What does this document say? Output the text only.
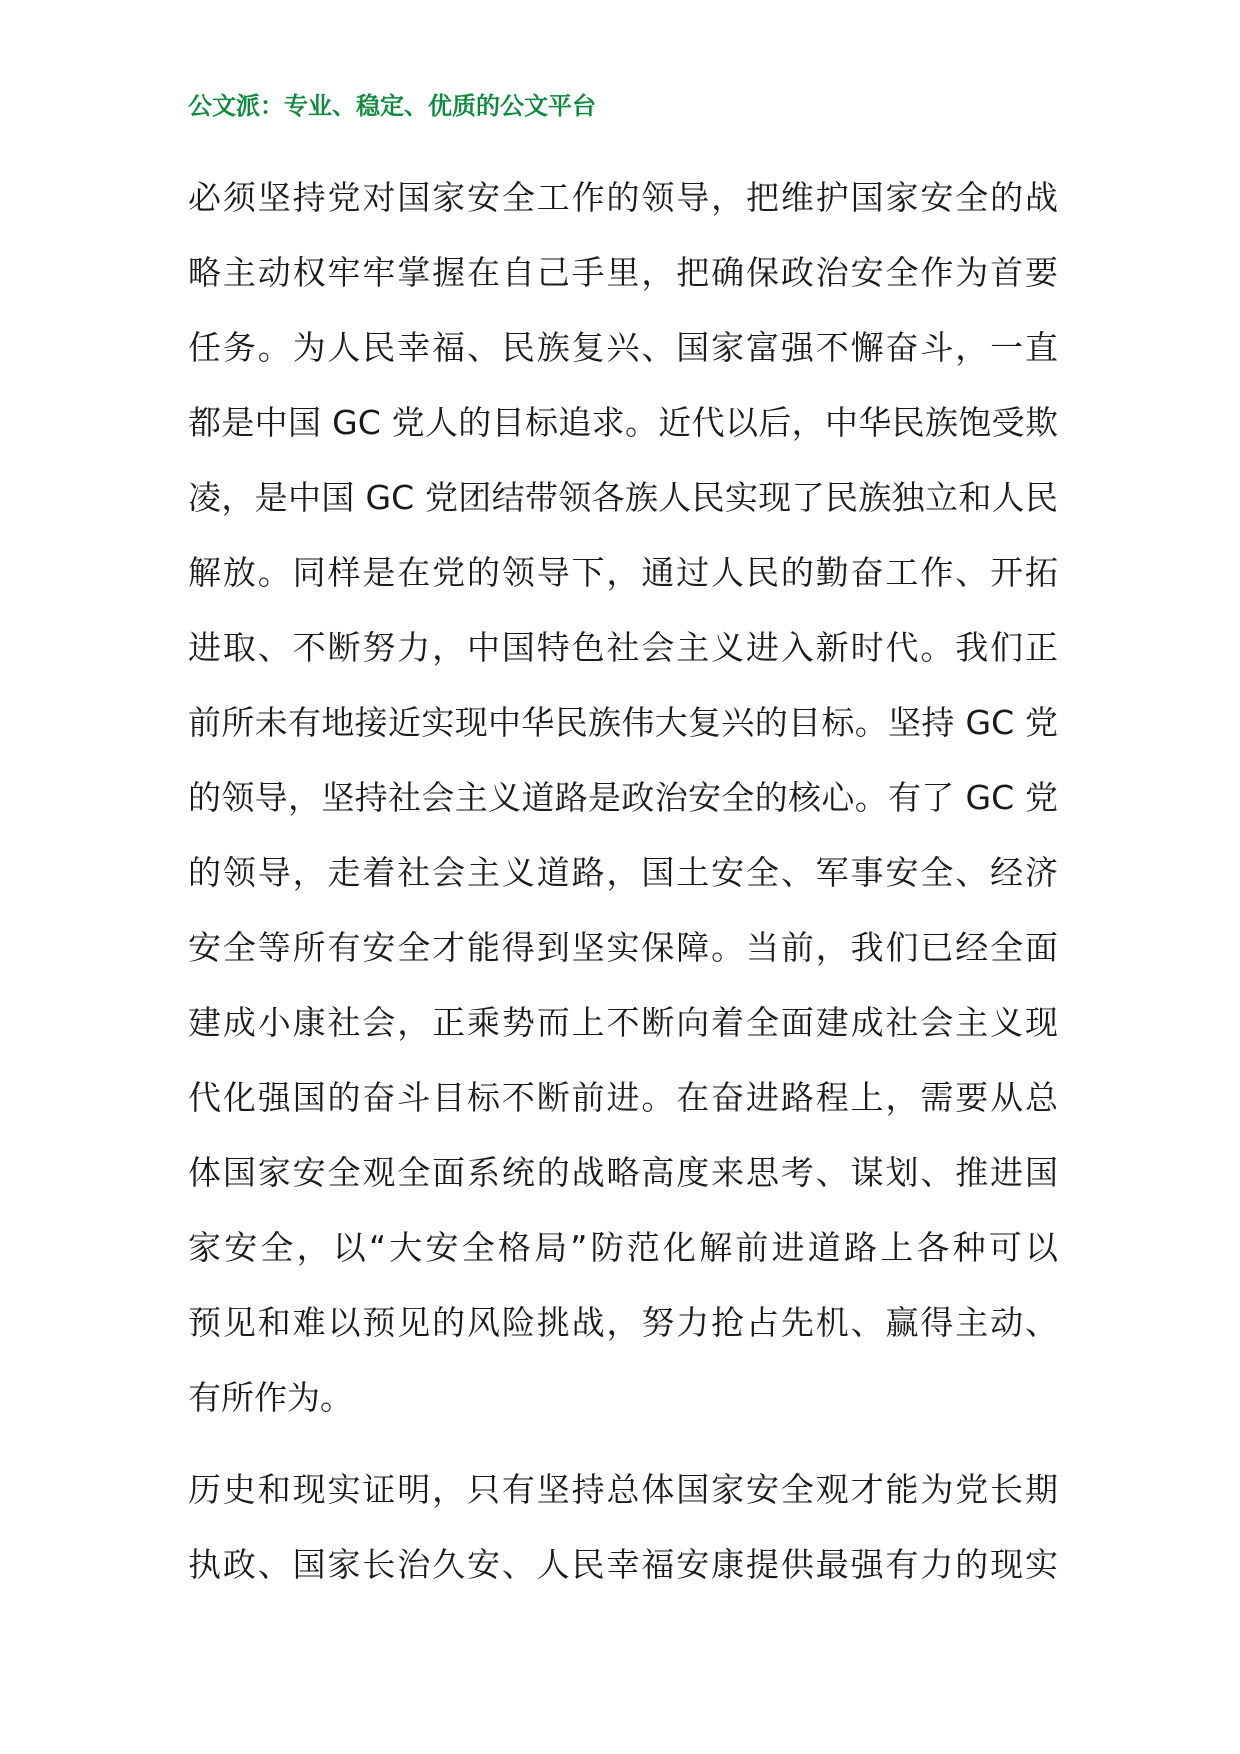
公文派：专业、稳定、优质的公文平台
必须坚持党对国家安全工作的领导，把维护国家安全的战
略主动权牢牢掌握在自己手里，把确保政治安全作为首要
任务。为人民幸福、民族复兴、国家富强不懈奋斗，一直
都是中国 GC 党人的目标追求。近代以后，中华民族饱受欺
凌，是中国 GC 党团结带领各族人民实现了民族独立和人民
解放。同样是在党的领导下，通过人民的勤奋工作、开拓
进取、不断努力，中国特色社会主义进入新时代。我们正
前所未有地接近实现中华民族伟大复兴的目标。坚持 GC 党
的领导，坚持社会主义道路是政治安全的核心。有了 GC 党
的领导，走着社会主义道路，国土安全、军事安全、经济
安全等所有安全才能得到坚实保障。当前，我们已经全面
建成小康社会，正乘势而上不断向着全面建成社会主义现
代化强国的奋斗目标不断前进。在奋进路程上，需要从总
体国家安全观全面系统的战略高度来思考、谋划、推进国
家安全，以“大安全格局”防范化解前进道路上各种可以
预见和难以预见的风险挑战，努力抢占先机、赢得主动、
有所作为。
历史和现实证明，只有坚持总体国家安全观才能为党长期
执政、国家长治久安、人民幸福安康提供最强有力的现实
